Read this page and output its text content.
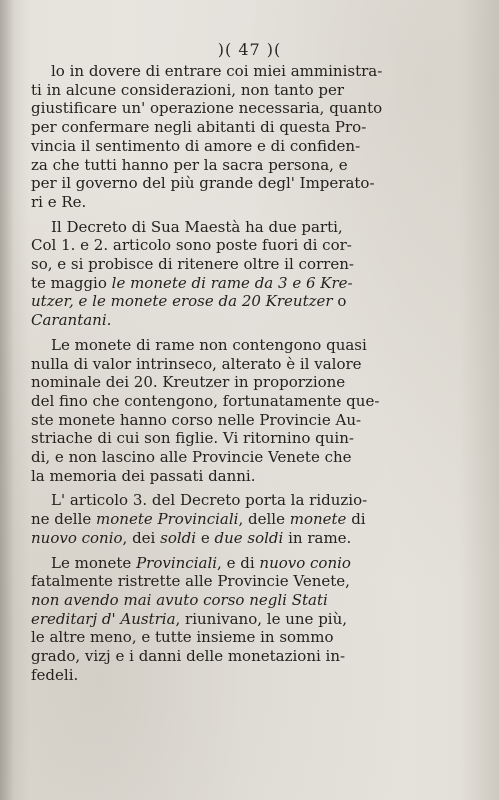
)( 47 )(
lo in dovere di entrare coi miei amministra-
ti in alcune considerazioni, non tanto per
giustificare un' operazione necessaria, quanto
per confermare negli abitanti di questa Pro-
vincia il sentimento di amore e di confiden-
za che tutti hanno per la sacra persona, e
per il governo del più grande degl' Imperato-
ri e Re.
Il Decreto di Sua Maestà ha due parti,
Col 1. e 2. articolo sono poste fuori di cor-
so, e si probisce di ritenere oltre il corren-
te maggio le monete di rame da 3 e 6 Kre-
utzer, e le monete erose da 20 Kreutzer o
Carantani.
Le monete di rame non contengono quasi
nulla di valor intrinseco, alterato è il valore
nominale dei 20. Kreutzer in proporzione
del fino che contengono, fortunatamente que-
ste monete hanno corso nelle Provincie Au-
striache di cui son figlie. Vi ritornino quin-
di, e non lascino alle Provincie Venete che
la memoria dei passati danni.
L' articolo 3. del Decreto porta la riduzio-
ne delle monete Provinciali, delle monete di
nuovo conio, dei soldi e due soldi in rame.
Le monete Provinciali, e di nuovo conio
fatalmente ristrette alle Provincie Venete,
non avendo mai avuto corso negli Stati
ereditarj d' Austria, riunivano, le une più,
le altre meno, e tutte insieme in sommo
grado, vizj e i danni delle monetazioni in-
fedeli.
